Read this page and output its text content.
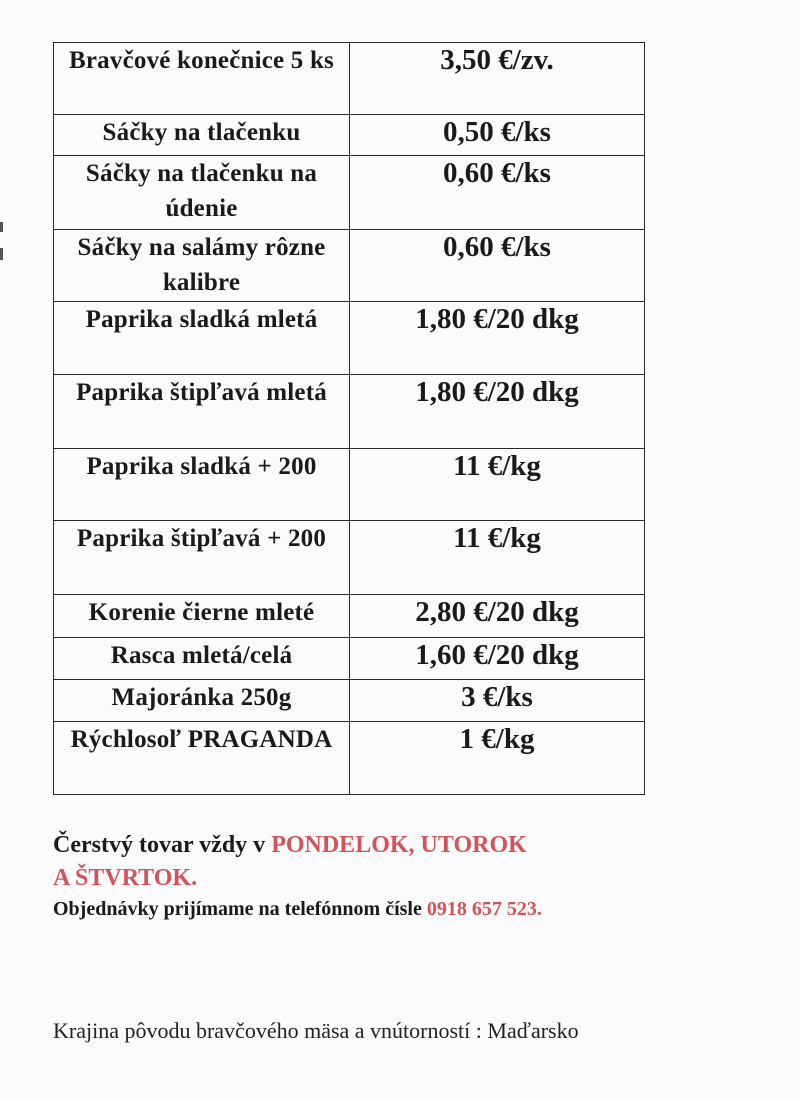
Bravčové konečnice 5 ks	3,50 €/zv.
Sáčky na tlačenku	0,50 €/ks
Sáčky na tlačenku na údenie	0,60 €/ks
Sáčky na salámy rôzne kalibre	0,60 €/ks
Paprika sladká mletá	1,80 €/20 dkg
Paprika štipľavá mletá	1,80 €/20 dkg
Paprika sladká + 200	11 €/kg
Paprika štipľavá + 200	11 €/kg
Korenie čierne mleté	2,80 €/20 dkg
Rasca mletá/celá	1,60 €/20 dkg
Majoránka 250g	3 €/ks
Rýchlosoľ PRAGANDA	1 €/kg
Čerstvý tovar vždy v PONDELOK, UTOROK
A ŠTVRTOK.
Objednávky prijímame na telefónnom čísle 0918 657 523.
Krajina pôvodu bravčového mäsa a vnútorností : Maďarsko
